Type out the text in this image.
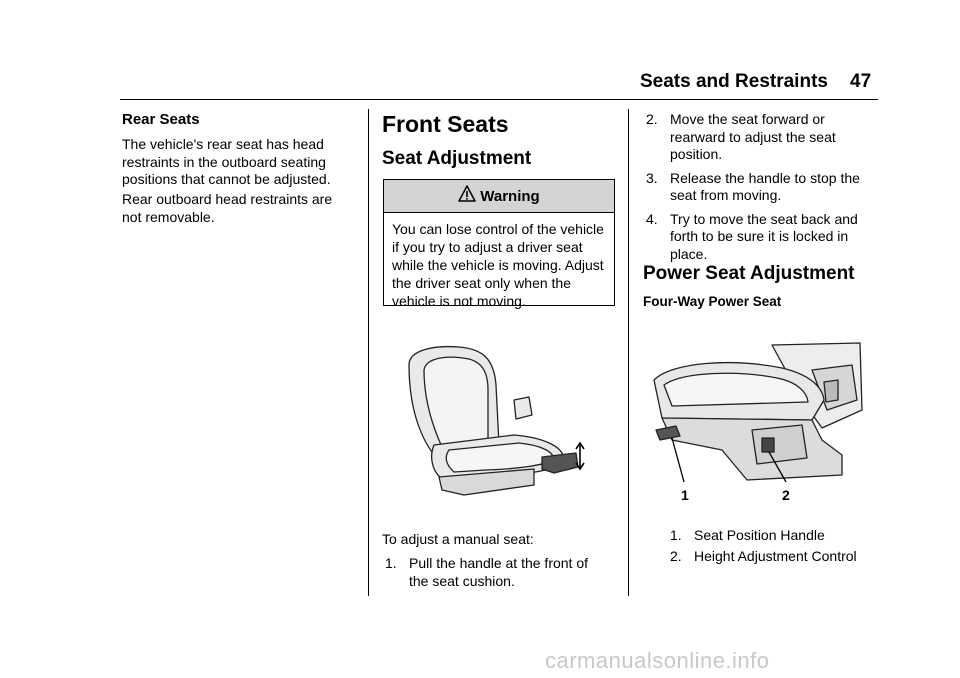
Seats and Restraints 47
Rear Seats
The vehicle's rear seat has head restraints in the outboard seating positions that cannot be adjusted.
Rear outboard head restraints are not removable.
Front Seats
Seat Adjustment
Warning
You can lose control of the vehicle if you try to adjust a driver seat while the vehicle is moving. Adjust the driver seat only when the vehicle is not moving.
To adjust a manual seat:
1. Pull the handle at the front of the seat cushion.
2. Move the seat forward or rearward to adjust the seat position.
3. Release the handle to stop the seat from moving.
4. Try to move the seat back and forth to be sure it is locked in place.
Power Seat Adjustment
Four-Way Power Seat
1	2
1. Seat Position Handle
2. Height Adjustment Control
carmanualsonline.info
